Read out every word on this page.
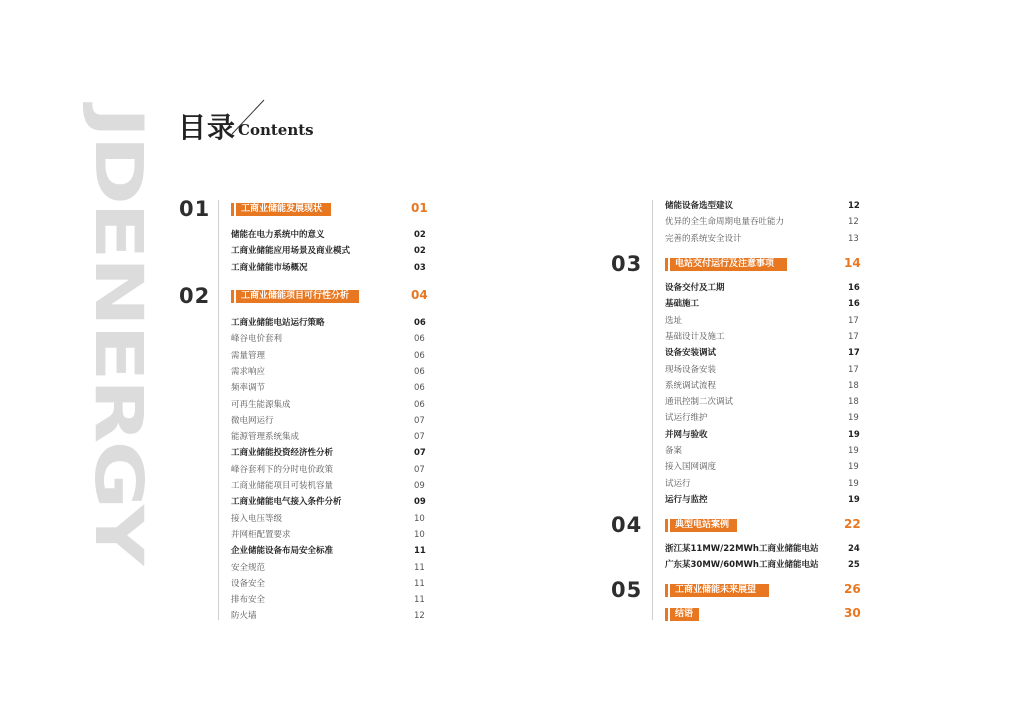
JDENERGY 目录 Contents
01	工商业储能发展现状	01
储能在电力系统中的意义	02
工商业储能应用场景及商业模式	02
工商业储能市场概况	03
02	工商业储能项目可行性分析	04
工商业储能电站运行策略	06
峰谷电价套利	06
需量管理	06
需求响应	06
频率调节	06
可再生能源集成	06
微电网运行	07
能源管理系统集成	07
工商业储能投资经济性分析	07
峰谷套利下的分时电价政策	07
工商业储能项目可装机容量	09
工商业储能电气接入条件分析	09
接入电压等级	10
并网柜配置要求	10
企业储能设备布局安全标准	11
安全规范	11
设备安全	11
排布安全	11
防火墙	12
储能设备选型建议	12
优异的全生命周期电量吞吐能力	12
完善的系统安全设计	13
03	电站交付运行及注意事项	14
设备交付及工期	16
基础施工	16
选址	17
基础设计及施工	17
设备安装调试	17
现场设备安装	17
系统调试流程	18
通讯控制二次调试	18
试运行维护	19
并网与验收	19
备案	19
接入国网调度	19
试运行	19
运行与监控	19
04	典型电站案例	22
浙江某11MW/22MWh工商业储能电站	24
广东某30MW/60MWh工商业储能电站	25
05	工商业储能未来展望	26
结语	30
